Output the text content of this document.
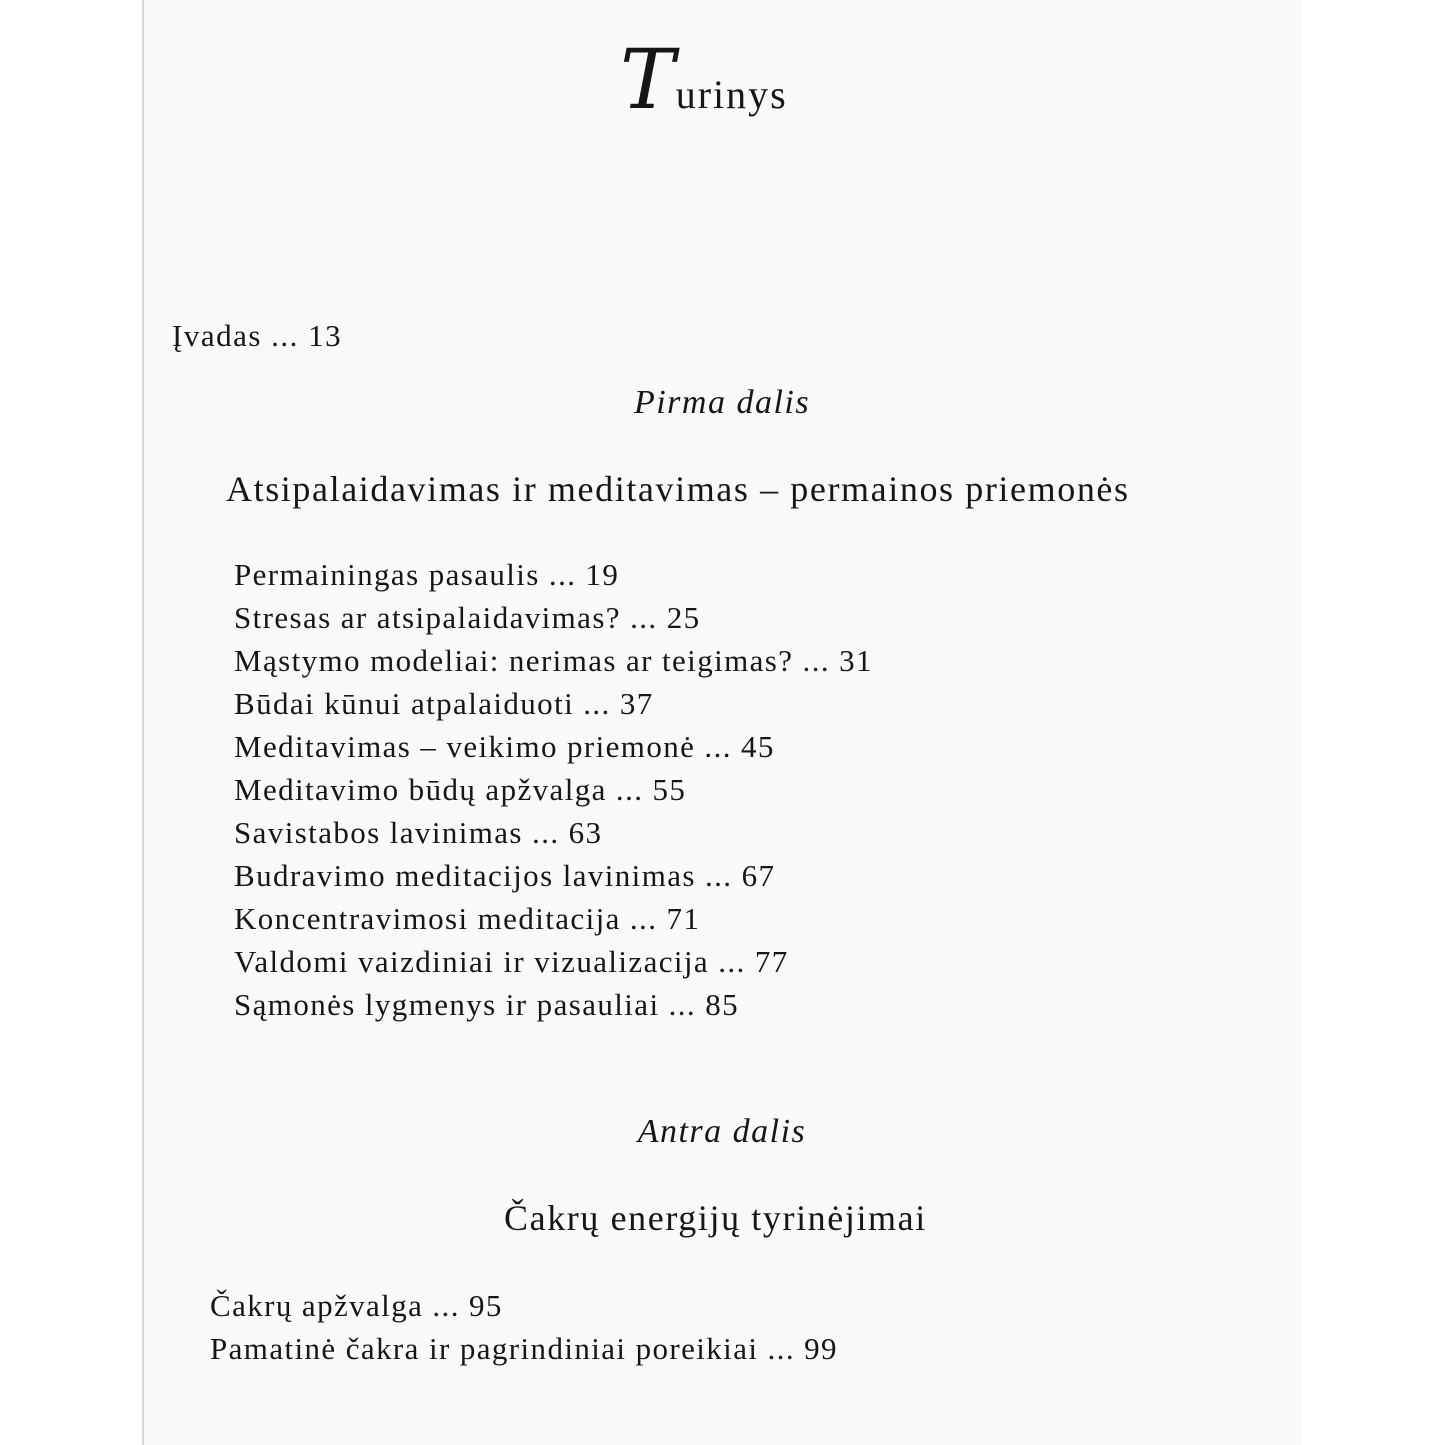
Turinys
Įvadas ... 13
Pirma dalis
Atsipalaidavimas ir meditavimas – permainos priemonės
Permainingas pasaulis ... 19
Stresas ar atsipalaidavimas? ... 25
Mąstymo modeliai: nerimas ar teigimas? ... 31
Būdai kūnui atpalaiduoti ... 37
Meditavimas – veikimo priemonė ... 45
Meditavimo būdų apžvalga ... 55
Savistabos lavinimas ... 63
Budravimo meditacijos lavinimas ... 67
Koncentravimosi meditacija ... 71
Valdomi vaizdiniai ir vizualizacija ... 77
Sąmonės lygmenys ir pasauliai ... 85
Antra dalis
Čakrų energijų tyrinėjimai
Čakrų apžvalga ... 95
Pamatinė čakra ir pagrindiniai poreikiai ... 99
